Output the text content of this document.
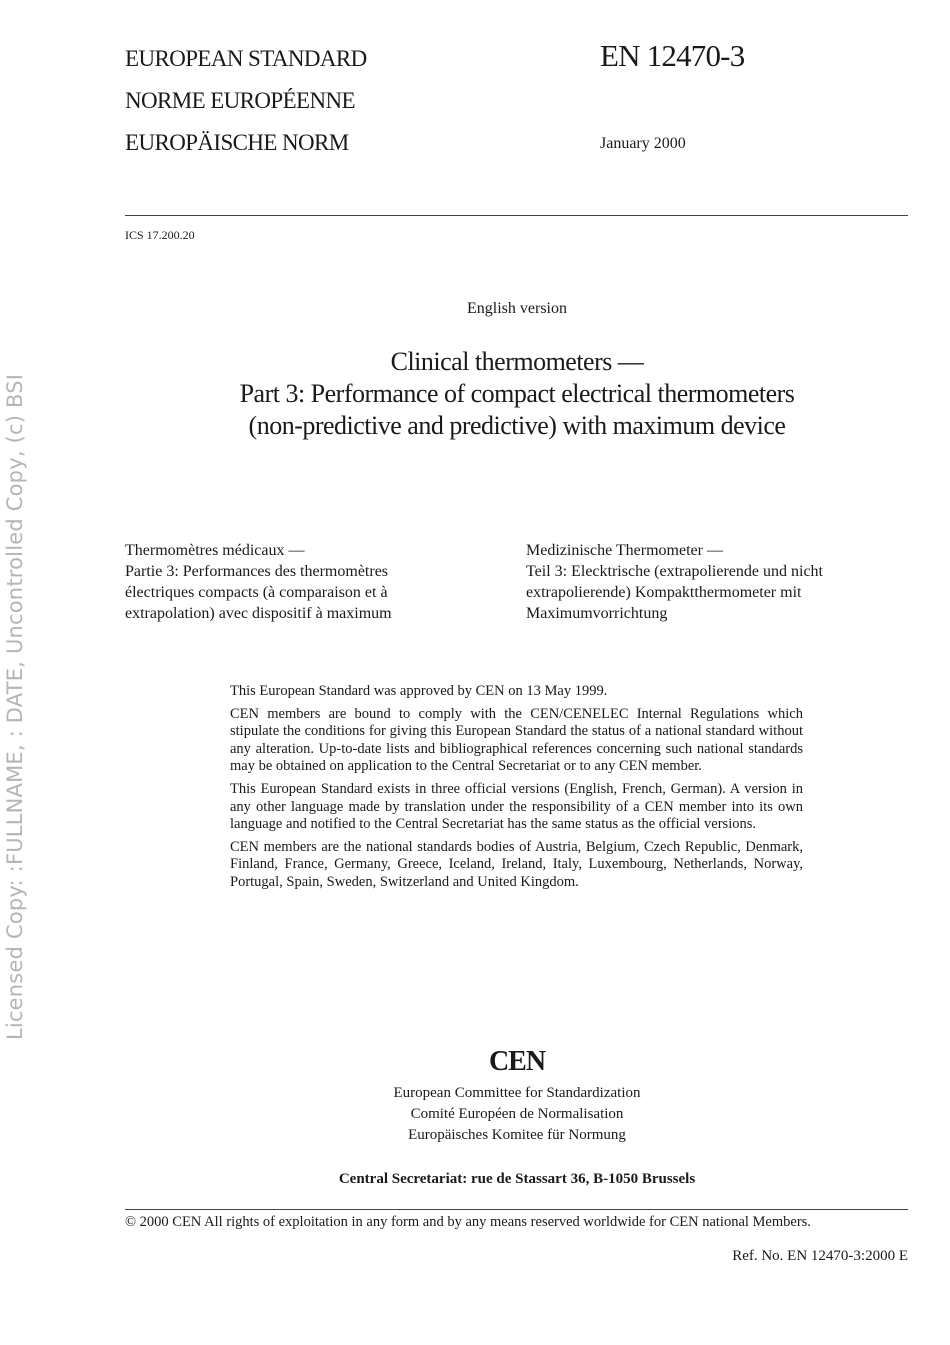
Licensed Copy: :FULLNAME, : DATE, Uncontrolled Copy, (c) BSI
EUROPEAN STANDARD
NORME EUROPÉENNE
EUROPÄISCHE NORM
EN 12470-3
January 2000
ICS 17.200.20
English version
Clinical thermometers —
Part 3: Performance of compact electrical thermometers
(non-predictive and predictive) with maximum device
Thermomètres médicaux —
Partie 3: Performances des thermomètres
électriques compacts (à comparaison et à
extrapolation) avec dispositif à maximum
Medizinische Thermometer —
Teil 3: Elecktrische (extrapolierende und nicht
extrapolierende) Kompaktthermometer mit
Maximumvorrichtung

This European Standard was approved by CEN on 13 May 1999.

CEN members are bound to comply with the CEN/CENELEC Internal Regulations which stipulate the conditions for giving this European Standard the status of a national standard without any alteration. Up-to-date lists and bibliographical references concerning such national standards may be obtained on application to the Central Secretariat or to any CEN member.

This European Standard exists in three official versions (English, French, German). A version in any other language made by translation under the responsibility of a CEN member into its own language and notified to the Central Secretariat has the same status as the official versions.

CEN members are the national standards bodies of Austria, Belgium, Czech Republic, Denmark, Finland, France, Germany, Greece, Iceland, Ireland, Italy, Luxembourg, Netherlands, Norway, Portugal, Spain, Sweden, Switzerland and United Kingdom.

CEN
European Committee for Standardization
Comité Européen de Normalisation
Europäisches Komitee für Normung
Central Secretariat: rue de Stassart 36, B-1050 Brussels
© 2000 CEN All rights of exploitation in any form and by any means reserved worldwide for CEN national Members.
Ref. No. EN 12470-3:2000 E
